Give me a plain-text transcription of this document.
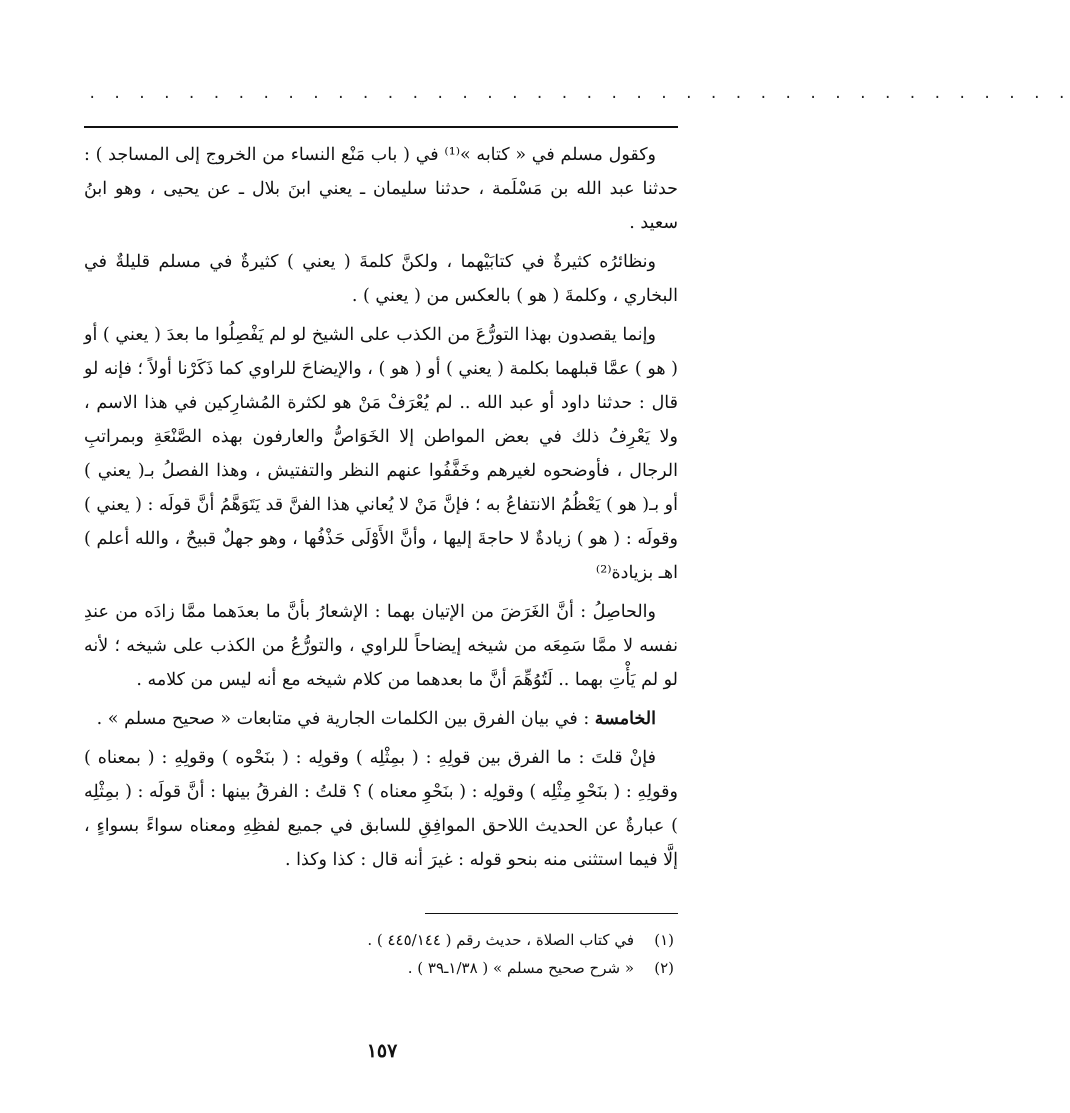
. . . . . . . . . . . . . . . . . . . . . . . . . . . . . . . . . . . . . . . .

وكقول مسلم في « كتابه »⁽¹⁾ في ( باب مَنْع النساء من الخروج إلى المساجد ) : حدثنا عبد الله بن مَسْلَمة ، حدثنا سليمان ـ يعني ابنَ بلال ـ عن يحيى ، وهو ابنُ سعيد .

ونظائرُه كثيرةٌ في كتابَيْهما ، ولكنَّ كلمةَ ( يعني ) كثيرةٌ في مسلم قليلةٌ في البخاري ، وكلمةَ ( هو ) بالعكس من ( يعني ) .

وإنما يقصدون بهذا التورُّعَ من الكذب على الشيخ لو لم يَفْصِلُوا ما بعدَ ( يعني ) أو ( هو ) عمَّا قبلهما بكلمة ( يعني ) أو ( هو ) ، والإيضاحَ للراوي كما ذَكَرْنا أولاً ؛ فإنه لو قال : حدثنا داود أو عبد الله .. لم يُعْرَفْ مَنْ هو لكثرة المُشارِكين في هذا الاسم ، ولا يَعْرِفُ ذلك في بعض المواطن إلا الخَوَاصُّ والعارفون بهذه الصَّنْعَةِ وبمراتبِ الرجال ، فأوضحوه لغيرهم وخَفَّفُوا عنهم النظر والتفتيش ، وهذا الفصلُ بـ( يعني ) أو بـ( هو ) يَعْظُمُ الانتفاعُ به ؛ فإنَّ مَنْ لا يُعاني هذا الفنَّ قد يَتَوَهَّمُ أنَّ قولَه : ( يعني ) وقولَه : ( هو ) زيادةٌ لا حاجةَ إليها ، وأنَّ الأَوْلَى حَذْفُها ، وهو جهلٌ قبيحٌ ، والله أعلم ) اهـ بزيادة⁽²⁾

والحاصِلُ : أنَّ الغَرَضَ من الإتيان بهما : الإشعارُ بأنَّ ما بعدَهما ممَّا زادَه من عندِ نفسه لا ممَّا سَمِعَه من شيخه إيضاحاً للراوي ، والتورُّعُ من الكذب على شيخه ؛ لأنه لو لم يَأْتِ بهما .. لَتُوُهِّمَ أنَّ ما بعدهما من كلام شيخه مع أنه ليس من كلامه .

الخامسة : في بيان الفرق بين الكلمات الجارية في متابعات « صحيح مسلم » .

فإنْ قلتَ : ما الفرق بين قولِهِ : ( بمِثْلِه ) وقولِه : ( بنَحْوه ) وقولِهِ : ( بمعناه ) وقولِهِ : ( بنَحْوِ مِثْلِه ) وقولِه : ( بنَحْوِ معناه ) ؟ قلتُ : الفرقُ بينها : أنَّ قولَه : ( بمِثْلِه ) عبارةٌ عن الحديث اللاحق الموافِقِ للسابق في جميع لفظِهِ ومعناه سواءً بسواءٍ ، إلَّا فيما استثنى منه بنحو قوله : غيرَ أنه قال : كذا وكذا .

(١)في كتاب الصلاة ، حديث رقم ( ٤٤٥/١٤٤ ) .
(٢)« شرح صحيح مسلم » ( ١/٣٨ـ٣٩ ) .
١٥٧
